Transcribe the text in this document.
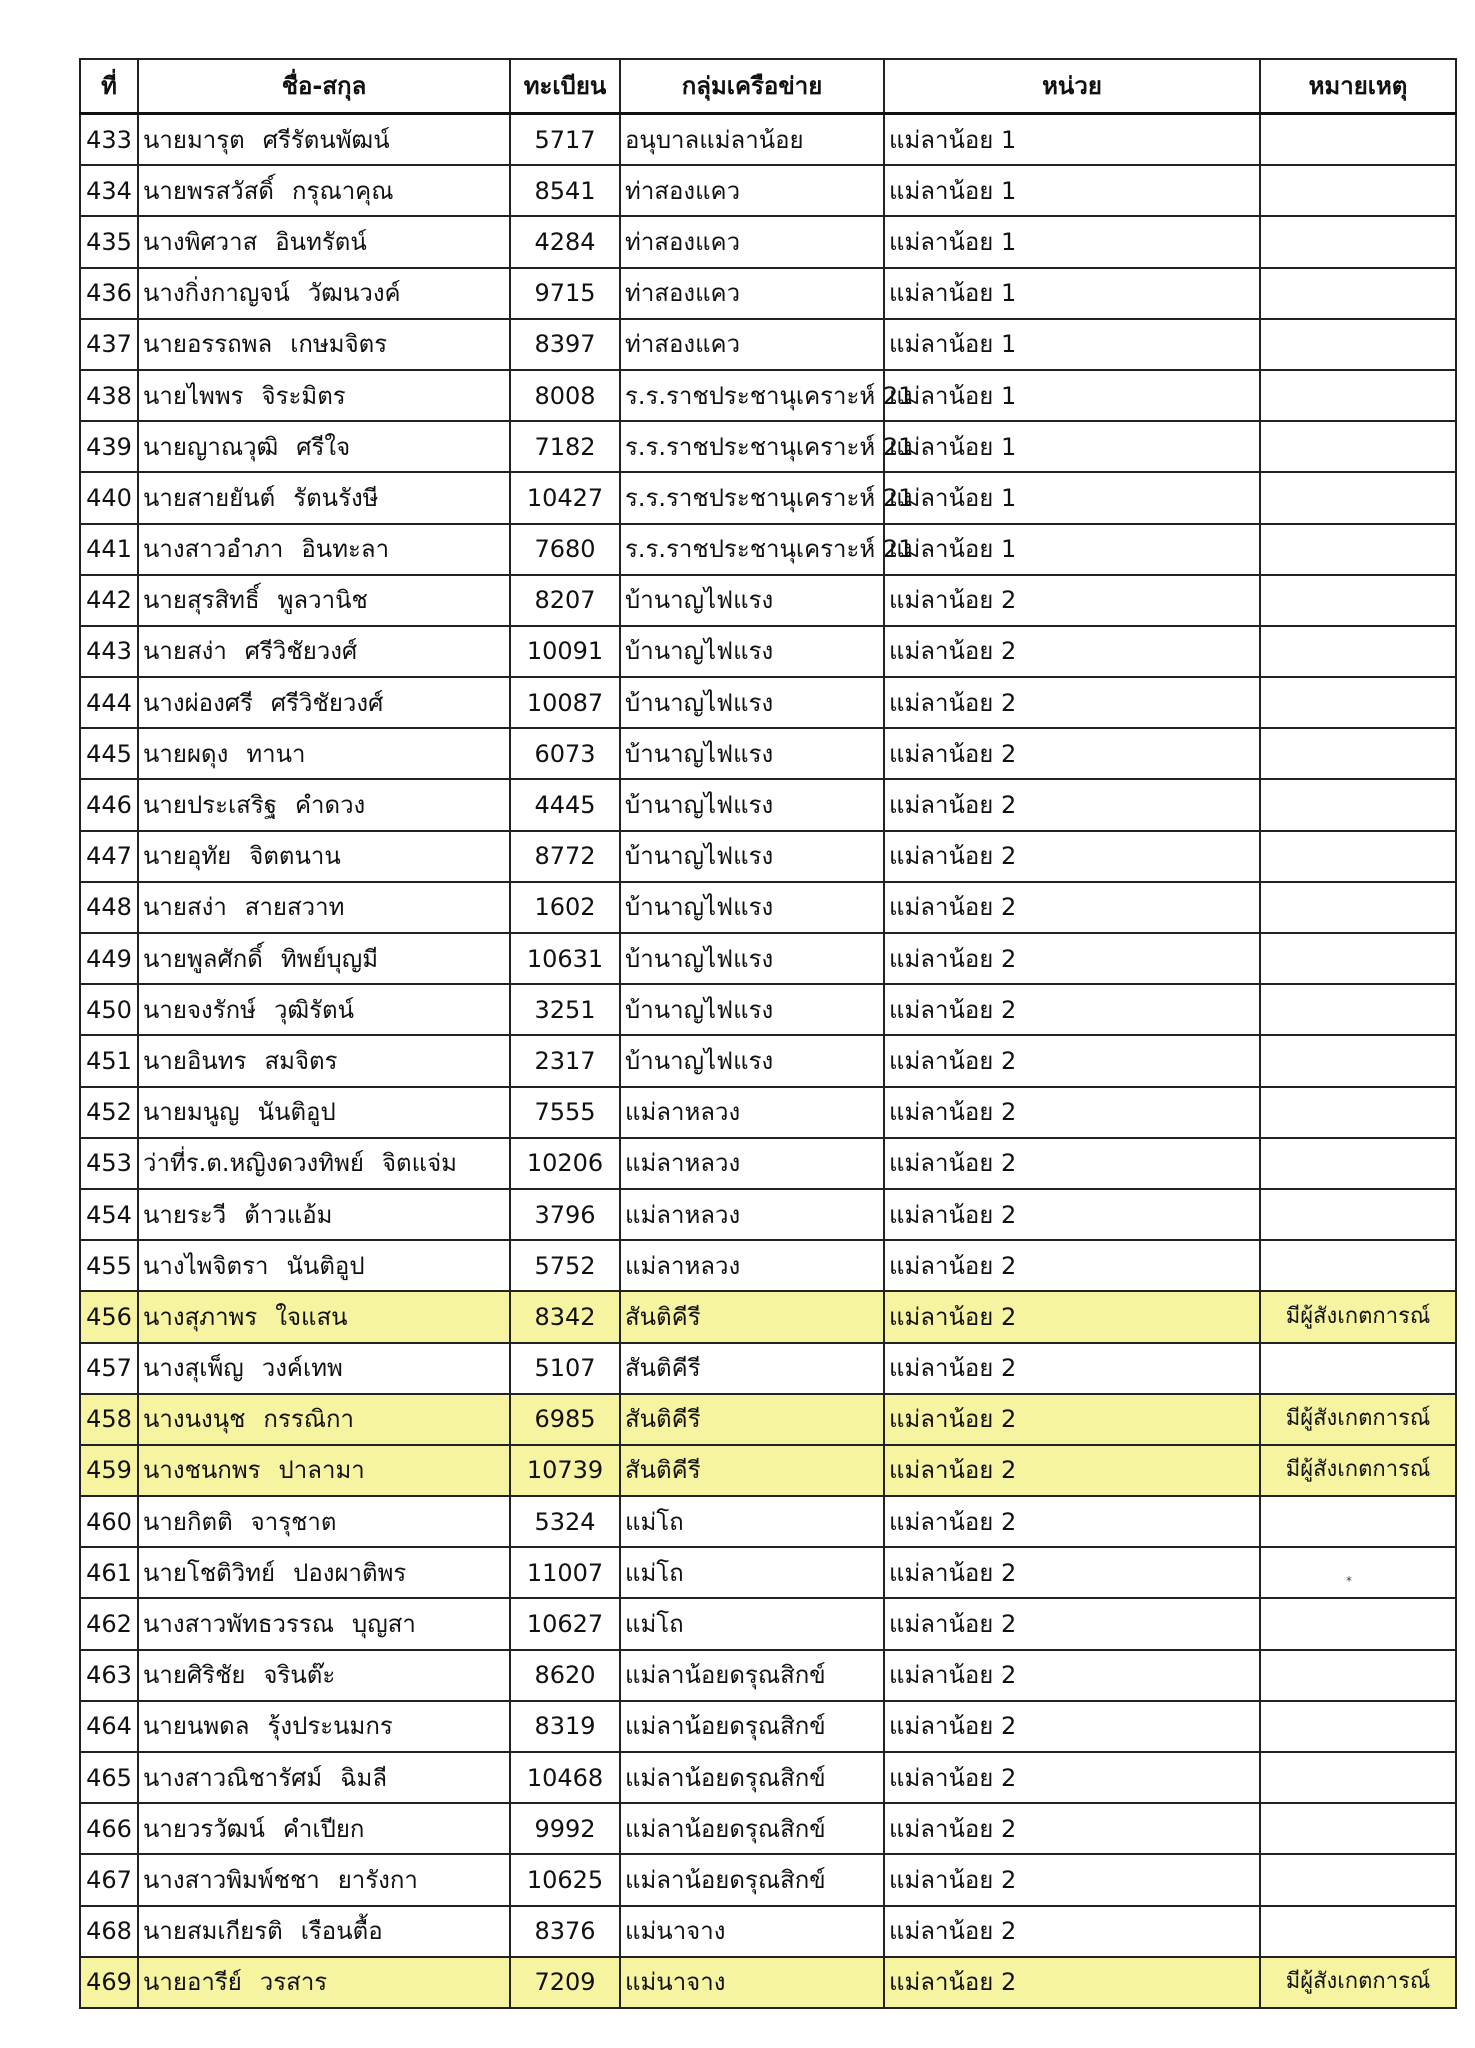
ที่	ชื่อ-สกุล	ทะเบียน	กลุ่มเครือข่าย	หน่วย	หมายเหตุ
433	นายมารุต ศรีรัตนพัฒน์	5717	อนุบาลแม่ลาน้อย	แม่ลาน้อย 1	
434	นายพรสวัสดิ์ กรุณาคุณ	8541	ท่าสองแคว	แม่ลาน้อย 1	
435	นางพิศวาส อินทรัตน์	4284	ท่าสองแคว	แม่ลาน้อย 1	
436	นางกิ่งกาญจน์ วัฒนวงค์	9715	ท่าสองแคว	แม่ลาน้อย 1	
437	นายอรรถพล เกษมจิตร	8397	ท่าสองแคว	แม่ลาน้อย 1	
438	นายไพพร จิระมิตร	8008	ร.ร.ราชประชานุเคราะห์ 21	แม่ลาน้อย 1	
439	นายญาณวุฒิ ศรีใจ	7182	ร.ร.ราชประชานุเคราะห์ 21	แม่ลาน้อย 1	
440	นายสายยันต์ รัตนรังษี	10427	ร.ร.ราชประชานุเคราะห์ 21	แม่ลาน้อย 1	
441	นางสาวอำภา อินทะลา	7680	ร.ร.ราชประชานุเคราะห์ 21	แม่ลาน้อย 1	
442	นายสุรสิทธิ์ พูลวานิช	8207	บ้านาญไฟแรง	แม่ลาน้อย 2	
443	นายสง่า ศรีวิชัยวงศ์	10091	บ้านาญไฟแรง	แม่ลาน้อย 2	
444	นางผ่องศรี ศรีวิชัยวงศ์	10087	บ้านาญไฟแรง	แม่ลาน้อย 2	
445	นายผดุง ทานา	6073	บ้านาญไฟแรง	แม่ลาน้อย 2	
446	นายประเสริฐ คำดวง	4445	บ้านาญไฟแรง	แม่ลาน้อย 2	
447	นายอุทัย จิตตนาน	8772	บ้านาญไฟแรง	แม่ลาน้อย 2	
448	นายสง่า สายสวาท	1602	บ้านาญไฟแรง	แม่ลาน้อย 2	
449	นายพูลศักดิ์ ทิพย์บุญมี	10631	บ้านาญไฟแรง	แม่ลาน้อย 2	
450	นายจงรักษ์ วุฒิรัตน์	3251	บ้านาญไฟแรง	แม่ลาน้อย 2	
451	นายอินทร สมจิตร	2317	บ้านาญไฟแรง	แม่ลาน้อย 2	
452	นายมนูญ นันติอูป	7555	แม่ลาหลวง	แม่ลาน้อย 2	
453	ว่าที่ร.ต.หญิงดวงทิพย์ จิตแจ่ม	10206	แม่ลาหลวง	แม่ลาน้อย 2	
454	นายระวี ต้าวแอ้ม	3796	แม่ลาหลวง	แม่ลาน้อย 2	
455	นางไพจิตรา นันติอูป	5752	แม่ลาหลวง	แม่ลาน้อย 2	
456	นางสุภาพร ใจแสน	8342	สันติคีรี	แม่ลาน้อย 2	มีผู้สังเกตการณ์
457	นางสุเพ็ญ วงค์เทพ	5107	สันติคีรี	แม่ลาน้อย 2	
458	นางนงนุช กรรณิกา	6985	สันติคีรี	แม่ลาน้อย 2	มีผู้สังเกตการณ์
459	นางชนกพร ปาลามา	10739	สันติคีรี	แม่ลาน้อย 2	มีผู้สังเกตการณ์
460	นายกิตติ จารุชาต	5324	แม่โถ	แม่ลาน้อย 2	
461	นายโชติวิทย์ ปองผาติพร	11007	แม่โถ	แม่ลาน้อย 2	
462	นางสาวพัทธวรรณ บุญสา	10627	แม่โถ	แม่ลาน้อย 2	
463	นายศิริชัย จรินต๊ะ	8620	แม่ลาน้อยดรุณสิกข์	แม่ลาน้อย 2	
464	นายนพดล รุ้งประนมกร	8319	แม่ลาน้อยดรุณสิกข์	แม่ลาน้อย 2	
465	นางสาวณิชารัศม์ ฉิมลี	10468	แม่ลาน้อยดรุณสิกข์	แม่ลาน้อย 2	
466	นายวรวัฒน์ คำเปียก	9992	แม่ลาน้อยดรุณสิกข์	แม่ลาน้อย 2	
467	นางสาวพิมพ์ชชา ยารังกา	10625	แม่ลาน้อยดรุณสิกข์	แม่ลาน้อย 2	
468	นายสมเกียรติ เรือนตื้อ	8376	แม่นาจาง	แม่ลาน้อย 2	
469	นายอารีย์ วรสาร	7209	แม่นาจาง	แม่ลาน้อย 2	มีผู้สังเกตการณ์
*
